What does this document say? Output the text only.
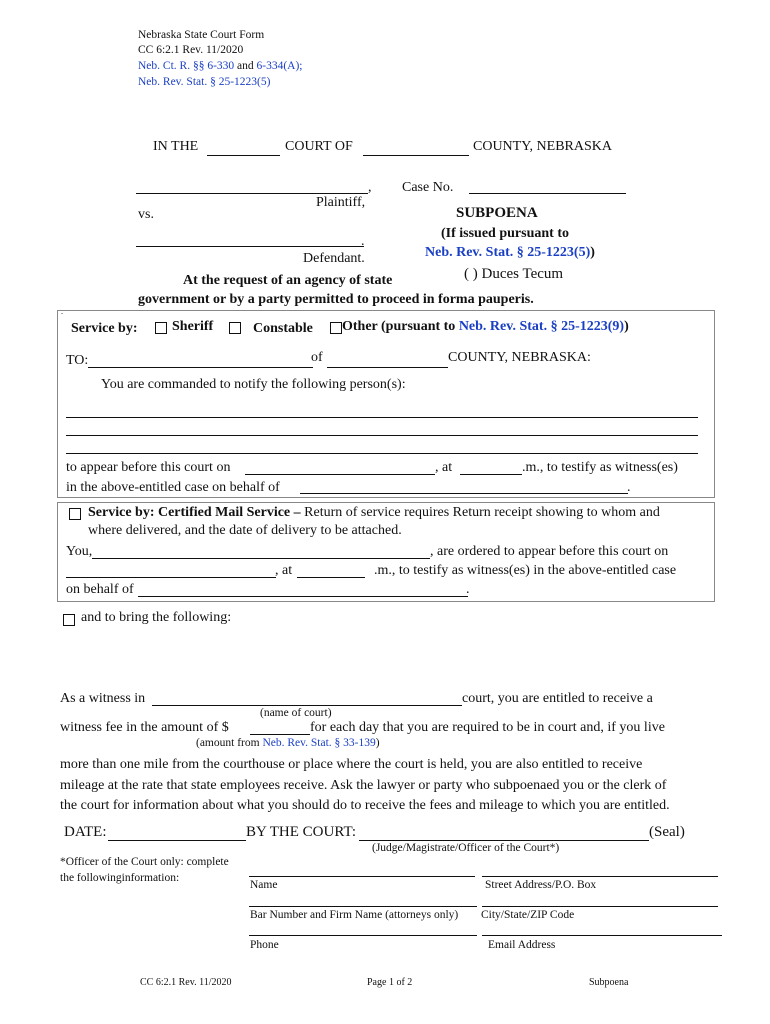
Nebraska State Court Form
CC 6:2.1 Rev. 11/2020
Neb. Ct. R. §§ 6-330 and 6-334(A);
Neb. Rev. Stat. § 25-1223(5)
IN THE	COURT OF	COUNTY, NEBRASKA
,
Plaintiff,
vs.
.
Defendant.
Case No.
SUBPOENA
(If issued pursuant to
Neb. Rev. Stat. § 25-1223(5))
( ) Duces Tecum
At the request of an agency of state
government or by a party permitted to proceed in forma pauperis.
.
Service by: Sheriff	Constable Other (pursuant to Neb. Rev. Stat. § 25-1223(9))
TO:	of	COUNTY, NEBRASKA:
You are commanded to notify the following person(s):
to appear before this court on	, at	.m., to testify as witness(es)
in the above-entitled case on behalf of	.
Service by: Certified Mail Service – Return of service requires Return receipt showing to whom and
where delivered, and the date of delivery to be attached.
You,	, are ordered to appear before this court on
, at	.m., to testify as witness(es) in the above-entitled case
on behalf of	.
and to bring the following:
As a witness in	court, you are entitled to receive a
(name of court)
witness fee in the amount of $	for each day that you are required to be in court and, if you live
(amount from Neb. Rev. Stat. § 33-139)
more than one mile from the courthouse or place where the court is held, you are also entitled to receive
mileage at the rate that state employees receive. Ask the lawyer or party who subpoenaed you or the clerk of
the court for information about what you should do to receive the fees and mileage to which you are entitled.
DATE:	BY THE COURT:	(Seal)
(Judge/Magistrate/Officer of the Court*)
*Officer of the Court only: complete
the followinginformation:
Name	Street Address/P.O. Box
Bar Number and Firm Name (attorneys only) City/State/ZIP Code
Phone	Email Address
CC 6:2.1 Rev. 11/2020	Page 1 of 2	Subpoena
